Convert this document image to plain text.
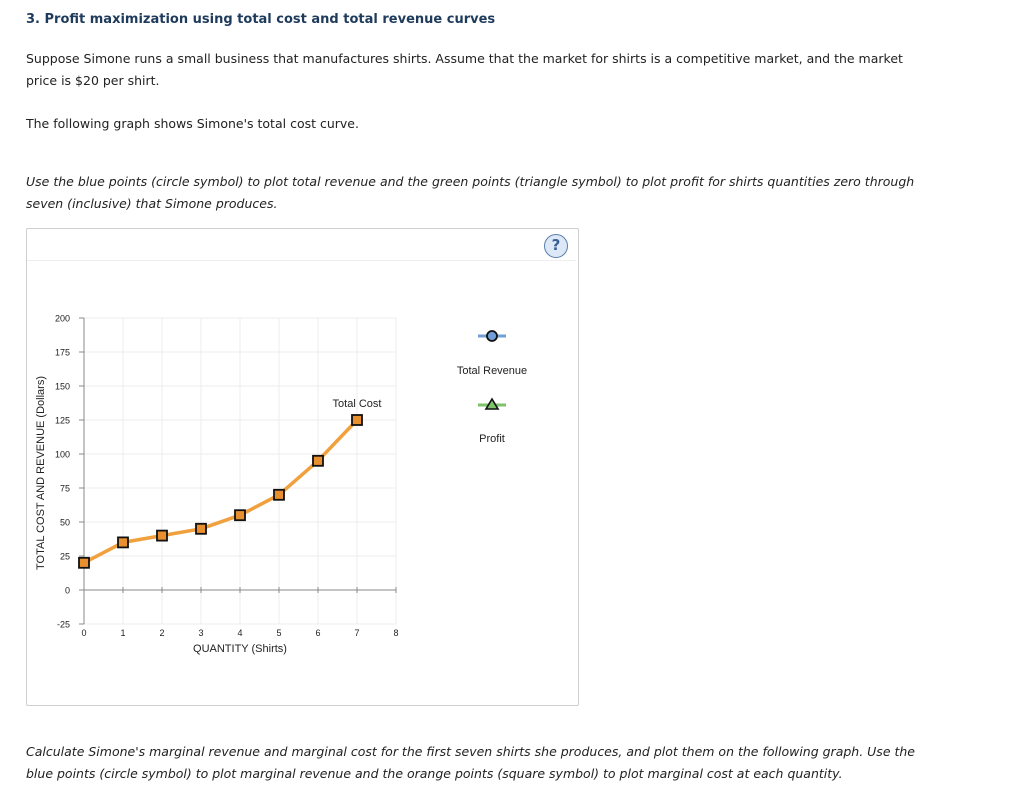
3. Profit maximization using total cost and total revenue curves

Suppose Simone runs a small business that manufactures shirts. Assume that the market for shirts is a competitive market, and the market price is $20 per shirt.

The following graph shows Simone's total cost curve.

Use the blue points (circle symbol) to plot total revenue and the green points (triangle symbol) to plot profit for shirts quantities zero through seven (inclusive) that Simone produces.

?
-25
0
25
50
75
100
125
150
175
200
0	1	2	3	4	5	6	7	8
TOTAL COST AND REVENUE (Dollars)
QUANTITY (Shirts)
Total Cost
Total Revenue
Profit

Calculate Simone's marginal revenue and marginal cost for the first seven shirts she produces, and plot them on the following graph. Use the blue points (circle symbol) to plot marginal revenue and the orange points (square symbol) to plot marginal cost at each quantity.
